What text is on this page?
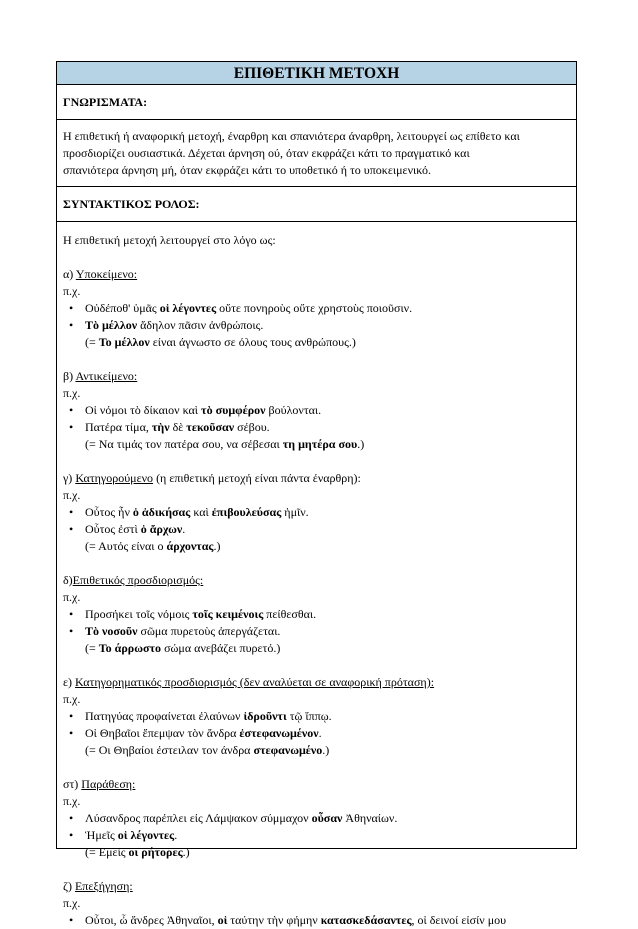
ΕΠΙΘΕΤΙΚΗ ΜΕΤΟΧΗ
ΓΝΩΡΙΣΜΑΤΑ:
Η επιθετική ή αναφορική μετοχή, έναρθρη και σπανιότερα άναρθρη, λειτουργεί ως επίθετο και
προσδιορίζει ουσιαστικά. Δέχεται άρνηση ού, όταν εκφράζει κάτι το πραγματικό και
σπανιότερα άρνηση μή, όταν εκφράζει κάτι το υποθετικό ή το υποκειμενικό.
ΣΥΝΤΑΚΤΙΚΟΣ ΡΟΛΟΣ:
Η επιθετική μετοχή λειτουργεί στο λόγο ως:
α) Υποκείμενο:
π.χ.
• Οὐδέποθ' ὑμᾶς οἱ λέγοντες οὔτε πονηροὺς οὔτε χρηστοὺς ποιοῦσιν.
• Τὸ μέλλον ἄδηλον πᾶσιν ἀνθρώποις.
(= Το μέλλον είναι άγνωστο σε όλους τους ανθρώπους.)
β) Αντικείμενο:
π.χ.
• Οἱ νόμοι τὸ δίκαιον καὶ τὸ συμφέρον βούλονται.
• Πατέρα τίμα, τὴν δὲ τεκοῦσαν σέβου.
(= Να τιμάς τον πατέρα σου, να σέβεσαι τη μητέρα σου.)
γ) Κατηγορούμενο (η επιθετική μετοχή είναι πάντα έναρθρη):
π.χ.
• Οὗτος ἦν ὁ ἀδικήσας καὶ ἐπιβουλεύσας ἡμῖν.
• Οὗτος ἐστὶ ὁ ἄρχων.
(= Αυτός είναι ο άρχοντας.)
δ)Επιθετικός προσδιορισμός:
π.χ.
• Προσήκει τοῖς νόμοις τοῖς κειμένοις πείθεσθαι.
• Τὸ νοσοῦν σῶμα πυρετοὺς ἀπεργάζεται.
(= Το άρρωστο σώμα ανεβάζει πυρετό.)
ε) Κατηγορηματικός προσδιορισμός (δεν αναλύεται σε αναφορική πρόταση):
π.χ.
• Πατηγύας προφαίνεται ἐλαύνων ἱδροῦντι τῷ ἵππῳ.
• Οἱ Θηβαῖοι ἔπεμψαν τὸν ἄνδρα ἐστεφανωμένον.
(= Οι Θηβαίοι έστειλαν τον άνδρα στεφανωμένο.)
στ) Παράθεση:
π.χ.
• Λύσανδρος παρέπλει εἰς Λάμψακον σύμμαχον οὖσαν Ἀθηναίων.
• Ἡμεῖς οἱ λέγοντες.
(= Εμείς οι ρήτορες.)
ζ) Επεξήγηση:
π.χ.
• Οὗτοι, ὦ ἄνδρες Ἀθηναῖοι, οἱ ταύτην τὴν φήμην κατασκεδάσαντες, οἱ δεινοί εἰσίν μου
